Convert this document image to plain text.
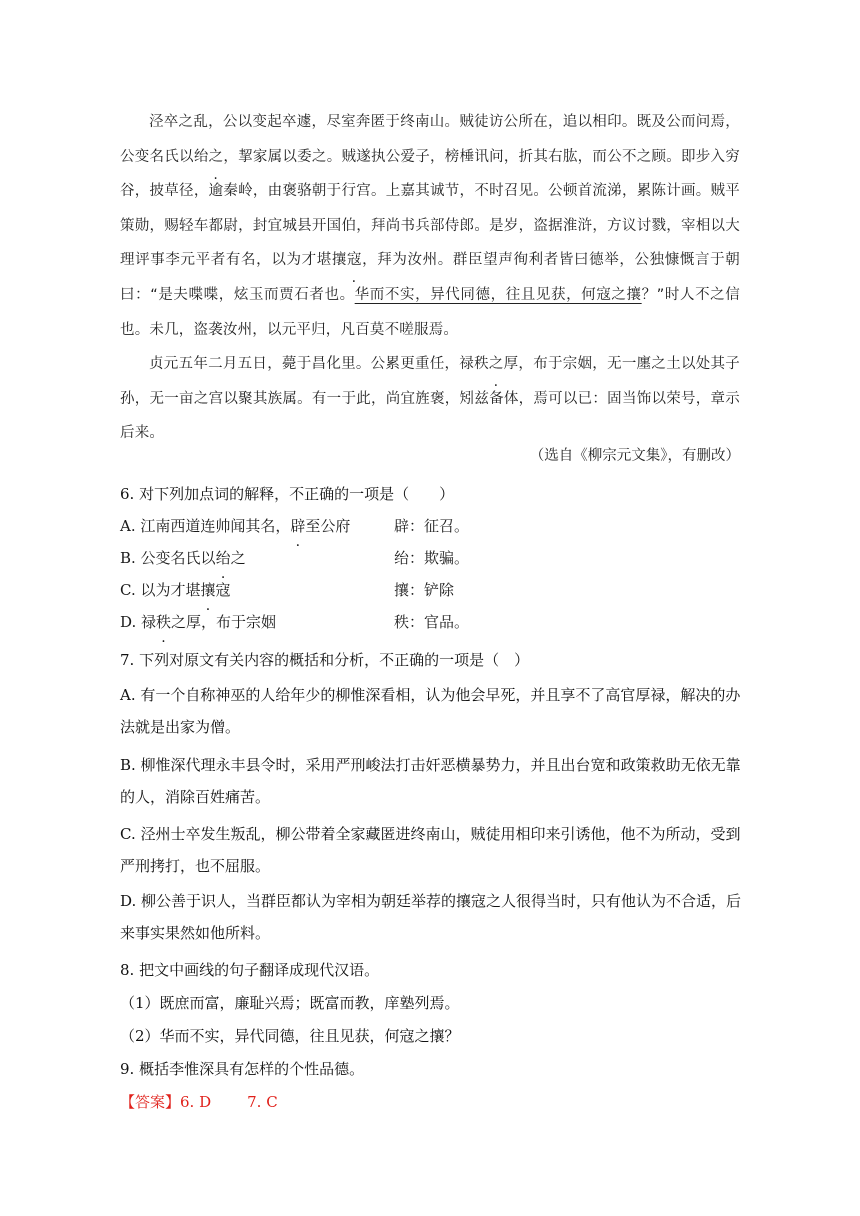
泾卒之乱，公以变起卒遽，尽室奔匿于终南山。贼徒访公所在，追以相印。既及公而问焉，公变名氏以绐之，挈家属以委之。贼遂执公爱子，榜棰讯问，折其右肱，而公不之顾。即步入穷谷，披草径，逾秦岭，由褒骆朝于行宫。上嘉其诚节，不时召见。公顿首流涕，累陈计画。贼平策勋，赐轻车都尉，封宜城县开国伯，拜尚书兵部侍郎。是岁，盗据淮浒，方议讨戮，宰相以大理评事李元平者有名，以为才堪攘寇，拜为汝州。群臣望声徇利者皆曰德举，公独慷慨言于朝曰：“是夫喋喋，炫玉而贾石者也。华而不实，异代同德，往且见获，何寇之攘？”时人不之信也。未几，盗袭汝州，以元平归，凡百莫不嗟服焉。

贞元五年二月五日，薨于昌化里。公累更重任，禄秩之厚，布于宗姻，无一廛之土以处其子孙，无一亩之宫以聚其族属。有一于此，尚宜旌褒，矧兹备体，焉可以已：固当饰以荣号，章示后来。

（选自《柳宗元文集》，有删改）
6. 对下列加点词的解释，不正确的一项是（　　）
A. 江南西道连帅闻其名，辟至公府	辟：征召。
B. 公变名氏以绐之	绐：欺骗。
C. 以为才堪攘寇	攘：铲除
D. 禄秩之厚，布于宗姻	秩：官品。
7. 下列对原文有关内容的概括和分析，不正确的一项是（　）
A. 有一个自称神巫的人给年少的柳惟深看相，认为他会早死，并且享不了高官厚禄，解决的办法就是出家为僧。
B. 柳惟深代理永丰县令时，采用严刑峻法打击奸恶横暴势力，并且出台宽和政策救助无依无靠的人，消除百姓痛苦。
C. 泾州士卒发生叛乱，柳公带着全家藏匿进终南山，贼徒用相印来引诱他，他不为所动，受到严刑拷打，也不屈服。
D. 柳公善于识人，当群臣都认为宰相为朝廷举荐的攘寇之人很得当时，只有他认为不合适，后来事实果然如他所料。
8. 把文中画线的句子翻译成现代汉语。
（1）既庶而富，廉耻兴焉；既富而教，庠塾列焉。
（2）华而不实，异代同德，往且见获，何寇之攘？
9. 概括李惟深具有怎样的个性品德。
【答案】6. D 7. C
